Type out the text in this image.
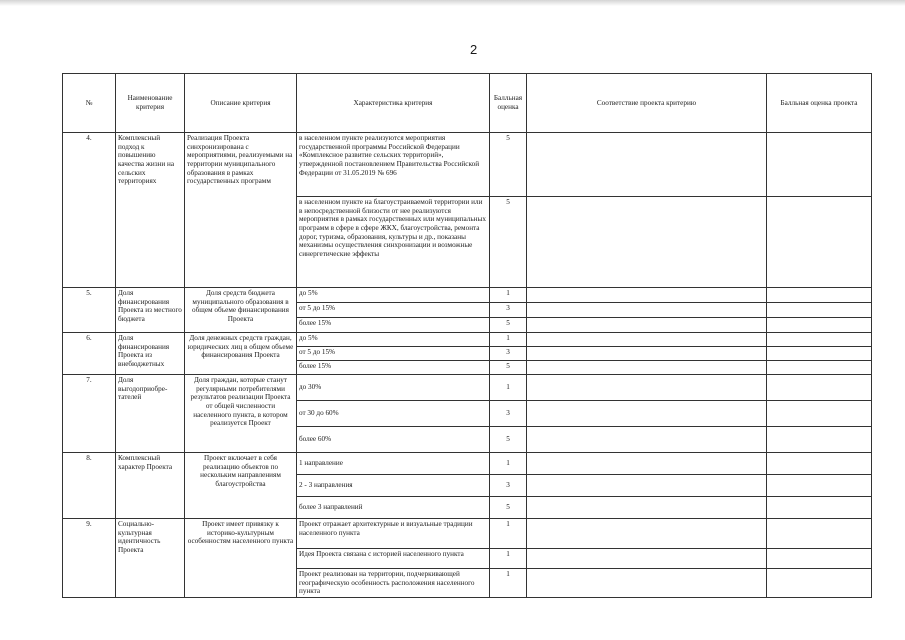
2
№	Наименование критерия	Описание критерия	Характеристика критерия	Балльная оценка	Соответствие проекта критерию	Балльная оценка проекта
4.	Комплексный подход к повышению качества жизни на сельских территориях	Реализация Проекта синхронизирована с мероприятиями, реализуемыми на территории муниципального образования в рамках государственных программ	в населенном пункте реализуются мероприятия государственной программы Российской Федерации «Комплексное развитие сельских территорий», утвержденной постановлением Правительства Российской Федерации от 31.05.2019 № 696	5		
			в населенном пункте на благоустраиваемой территории или в непосредственной близости от нее реализуются мероприятия в рамках государственных или муниципальных программ в сфере в сфере ЖКХ, благоустройства, ремонта дорог, туризма, образования, культуры и др., показаны механизмы осуществления синхронизации и возможные синергетические эффекты	5		
5.	Доля финансирования Проекта из местного бюджета	Доля средств бюджета муниципального образования в общем объеме финансирования Проекта	до 5%	1		
			от 5 до 15%	3		
			более 15%	5		
6.	Доля финансирования Проекта из внебюджетных	Доля денежных средств граждан, юридических лиц в общем объеме финансирования Проекта	до 5%	1		
			от 5 до 15%	3		
			более 15%	5		
7.	Доля выгодоприобре-тателей	Доля граждан, которые станут регулярными потребителями результатов реализации Проекта от общей численности населенного пункта, в котором реализуется Проект	до 30%	1		
			от 30 до 60%	3		
			более 60%	5		
8.	Комплексный характер Проекта	Проект включает в себя реализацию объектов по нескольким направлениям благоустройства	1 направление	1		
			2 - 3 направления	3		
			более 3 направлений	5		
9.	Социально-культурная идентичность Проекта	Проект имеет привязку к историко-культурным особенностям населенного пункта	Проект отражает архитектурные и визуальные традиции населенного пункта	1		
			Идея Проекта связана с историей населенного пункта	1		
			Проект реализован на территории, подчеркивающей географическую особенность расположения населенного пункта	1		
